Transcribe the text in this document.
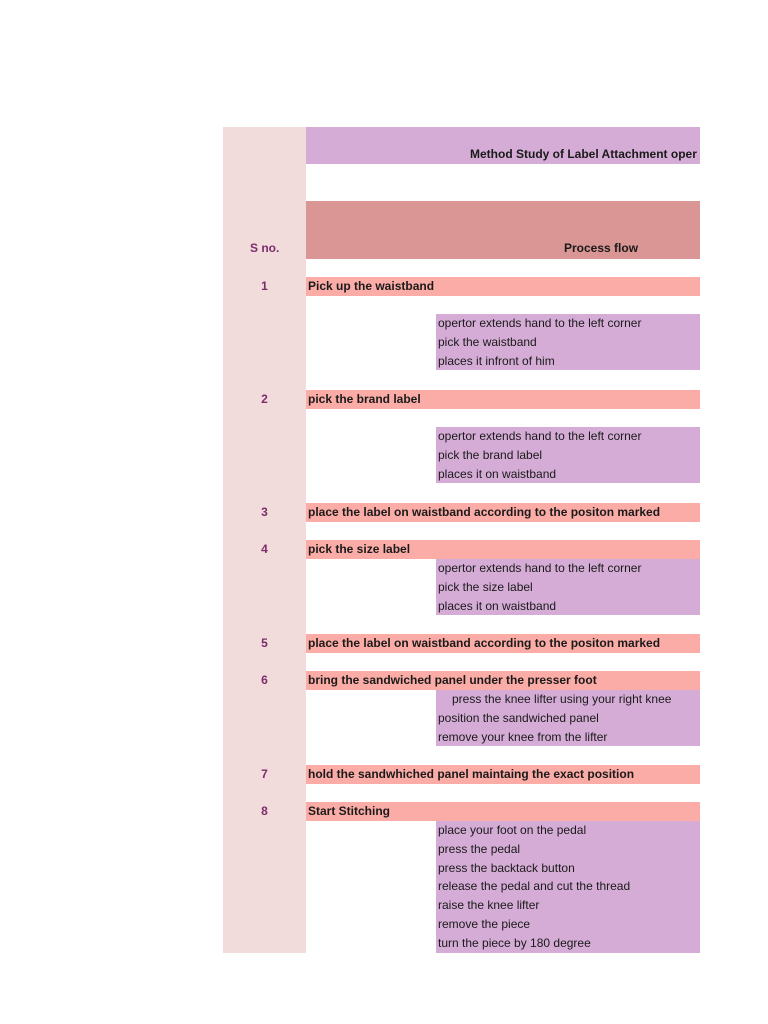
Method Study of Label Attachment oper
Process flow
S no.
1	Pick up the waistband
opertor extends hand to the left corner
pick the waistband
places it infront of him
2	pick the brand label
opertor extends hand to the left corner
pick the brand label
places it on waistband
3	place the label on waistband according to the positon marked
4	pick the size label
opertor extends hand to the left corner
pick the size label
places it on waistband
5	place the label on waistband according to the positon marked
6	bring the sandwiched panel under the presser foot
press the knee lifter using your right knee
position the sandwiched panel
remove your knee from the lifter
7	hold the sandwhiched panel maintaing the exact position
8	Start Stitching
place your foot on the pedal
press the pedal
press the backtack button
release the pedal and cut the thread
raise the knee lifter
remove the piece
turn the piece by 180 degree
